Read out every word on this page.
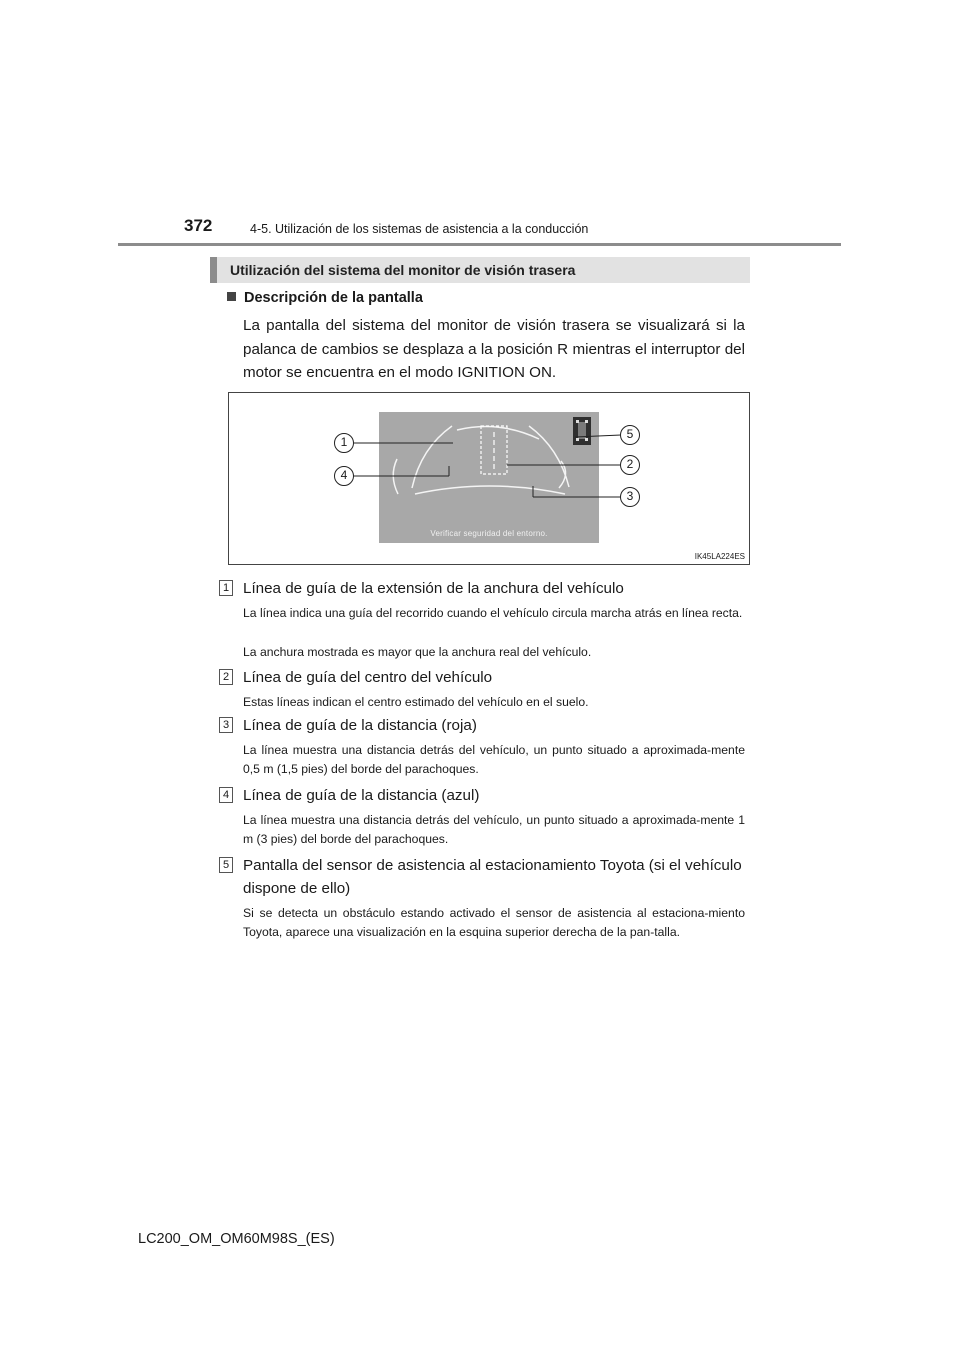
372	4-5. Utilización de los sistemas de asistencia a la conducción
Utilización del sistema del monitor de visión trasera
Descripción de la pantalla

La pantalla del sistema del monitor de visión trasera se visualizará si la palanca de cambios se desplaza a la posición R mientras el interruptor del motor se encuentra en el modo IGNITION ON.

Verificar seguridad del entorno.
1
4
5
2
3
IK45LA224ES
1 Línea de guía de la extensión de la anchura del vehículo

La línea indica una guía del recorrido cuando el vehículo circula marcha atrás en línea recta.

La anchura mostrada es mayor que la anchura real del vehículo.

2 Línea de guía del centro del vehículo

Estas líneas indican el centro estimado del vehículo en el suelo.

3 Línea de guía de la distancia (roja)

La línea muestra una distancia detrás del vehículo, un punto situado a aproximada-mente 0,5 m (1,5 pies) del borde del parachoques.

4 Línea de guía de la distancia (azul)

La línea muestra una distancia detrás del vehículo, un punto situado a aproximada-mente 1 m (3 pies) del borde del parachoques.

5 Pantalla del sensor de asistencia al estacionamiento Toyota (si el vehículo dispone de ello)

Si se detecta un obstáculo estando activado el sensor de asistencia al estaciona-miento Toyota, aparece una visualización en la esquina superior derecha de la pan-talla.

LC200_OM_OM60M98S_(ES)
